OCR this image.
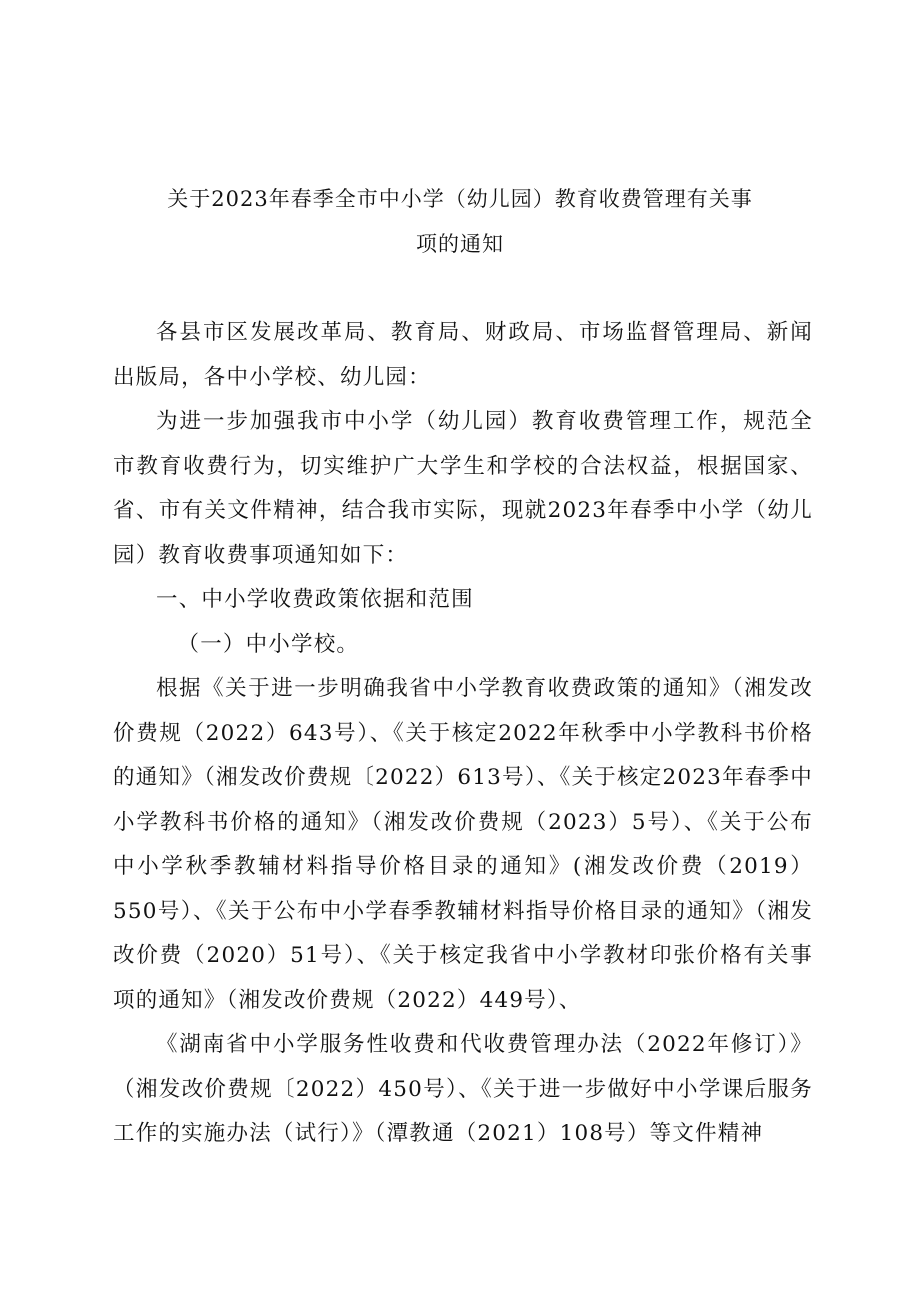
关于2023年春季全市中小学（幼儿园）教育收费管理有关事
项的通知

各县市区发展改革局、教育局、财政局、市场监督管理局、新闻出版局，各中小学校、幼儿园：

为进一步加强我市中小学（幼儿园）教育收费管理工作，规范全市教育收费行为，切实维护广大学生和学校的合法权益，根据国家、省、市有关文件精神，结合我市实际，现就2023年春季中小学（幼儿园）教育收费事项通知如下：

一、中小学收费政策依据和范围

（一）中小学校。

根据《关于进一步明确我省中小学教育收费政策的通知》（湘发改价费规（2022）643号）、《关于核定2022年秋季中小学教科书价格的通知》（湘发改价费规〔2022）613号）、《关于核定2023年春季中小学教科书价格的通知》（湘发改价费规（2023）5号）、《关于公布中小学秋季教辅材料指导价格目录的通知》(湘发改价费（2019）550号）、《关于公布中小学春季教辅材料指导价格目录的通知》（湘发改价费（2020）51号）、《关于核定我省中小学教材印张价格有关事项的通知》（湘发改价费规（2022）449号）、

《湖南省中小学服务性收费和代收费管理办法（2022年修订）》（湘发改价费规〔2022）450号）、《关于进一步做好中小学课后服务工作的实施办法（试行）》（潭教通（2021）108号）等文件精神
